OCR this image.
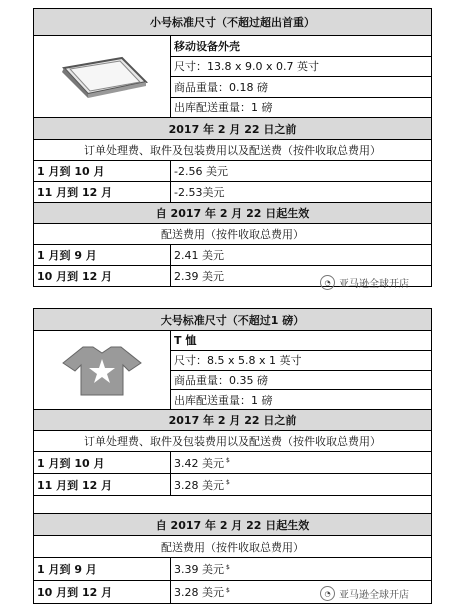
小号标准尺寸（不超过超出首重）
移动设备外壳
尺寸：13.8 x 9.0 x 0.7 英寸
商品重量：0.18 磅
出库配送重量：1 磅
2017 年 2 月 22 日之前
订单处理费、取件及包装费用以及配送费（按件收取总费用）
1 月到 10 月	-2.56 美元
11 月到 12 月	-2.53美元
自 2017 年 2 月 22 日起生效
配送费用（按件收取总费用）
1 月到 9 月	2.41 美元
10 月到 12 月	2.39 美元	◔ 亚马逊全球开店
大号标准尺寸（不超过1 磅）
T 恤
尺寸：8.5 x 5.8 x 1 英寸
商品重量：0.35 磅
出库配送重量：1 磅
2017 年 2 月 22 日之前
订单处理费、取件及包装费用以及配送费（按件收取总费用）
1 月到 10 月	3.42 美元 $
11 月到 12 月	3.28 美元 $
自 2017 年 2 月 22 日起生效
配送费用（按件收取总费用）
1 月到 9 月	3.39 美元 $
10 月到 12 月	3.28 美元 $	◔ 亚马逊全球开店
